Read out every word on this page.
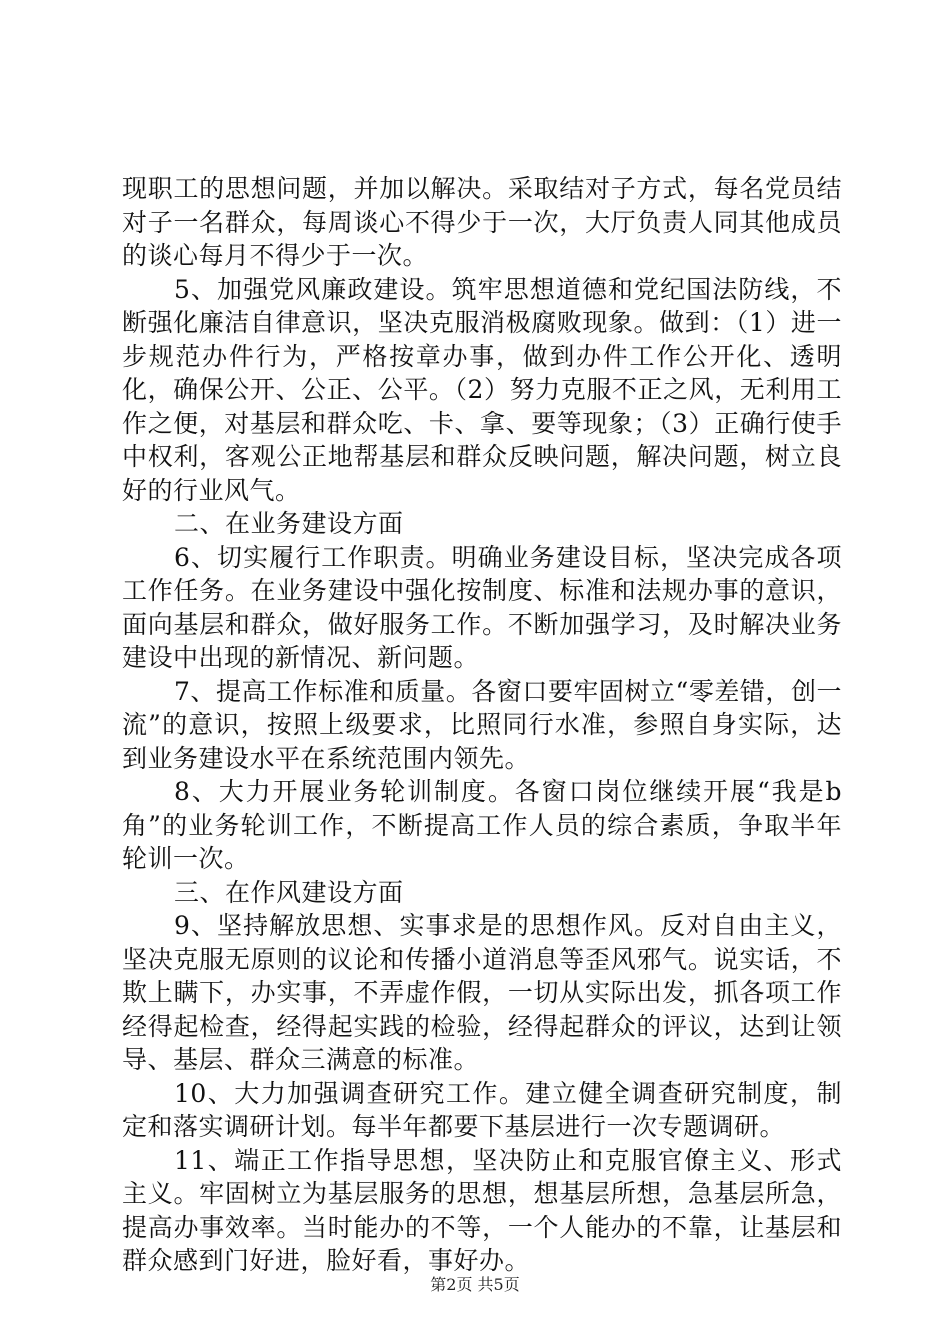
现职工的思想问题，并加以解决。采取结对子方式，每名党员结对子一名群众，每周谈心不得少于一次，大厅负责人同其他成员的谈心每月不得少于一次。

5、加强党风廉政建设。筑牢思想道德和党纪国法防线，不断强化廉洁自律意识，坚决克服消极腐败现象。做到：（1）进一步规范办件行为，严格按章办事，做到办件工作公开化、透明化，确保公开、公正、公平。（2）努力克服不正之风，无利用工作之便，对基层和群众吃、卡、拿、要等现象；（3）正确行使手中权利，客观公正地帮基层和群众反映问题，解决问题，树立良好的行业风气。

二、在业务建设方面

6、切实履行工作职责。明确业务建设目标，坚决完成各项工作任务。在业务建设中强化按制度、标准和法规办事的意识，面向基层和群众，做好服务工作。不断加强学习，及时解决业务建设中出现的新情况、新问题。

7、提高工作标准和质量。各窗口要牢固树立“零差错，创一流”的意识，按照上级要求，比照同行水准，参照自身实际，达到业务建设水平在系统范围内领先。

8、大力开展业务轮训制度。各窗口岗位继续开展“我是b角”的业务轮训工作，不断提高工作人员的综合素质，争取半年轮训一次。

三、在作风建设方面

9、坚持解放思想、实事求是的思想作风。反对自由主义，坚决克服无原则的议论和传播小道消息等歪风邪气。说实话，不欺上瞒下，办实事，不弄虚作假，一切从实际出发，抓各项工作经得起检查，经得起实践的检验，经得起群众的评议，达到让领导、基层、群众三满意的标准。

10、大力加强调查研究工作。建立健全调查研究制度，制定和落实调研计划。每半年都要下基层进行一次专题调研。

11、端正工作指导思想，坚决防止和克服官僚主义、形式主义。牢固树立为基层服务的思想，想基层所想，急基层所急，提高办事效率。当时能办的不等，一个人能办的不靠，让基层和群众感到门好进，脸好看，事好办。

第2页 共5页
